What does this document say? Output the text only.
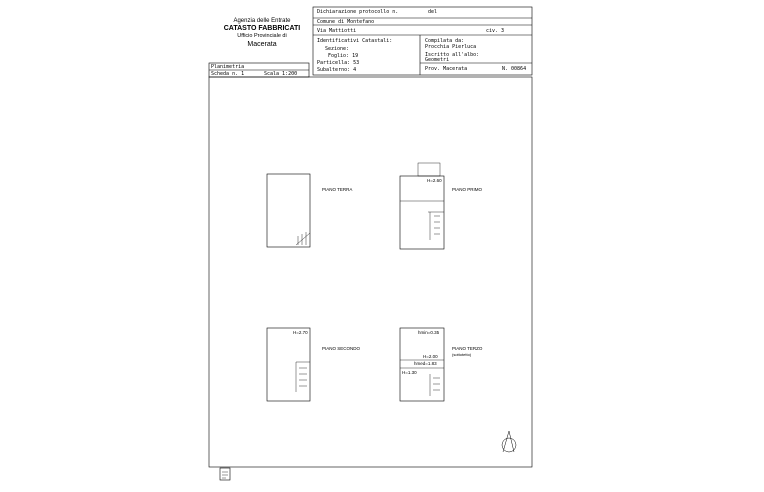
Agenzia delle Entrate
CATASTO FABBRICATI
Ufficio Provinciale di
Macerata
Dichiarazione protocollo n.	del
Comune di Montefano
Via Mattiotti	civ. 3
Identificativi Catastali:
Sezione:
Foglio: 19
Particella: 53
Subalterno: 4
Compilata da:
Procchia Pierluca
Iscritto all'albo:
Geometri
Prov. Macerata	N. 00864
Planimetria
Scheda n. 1	Scala 1:200
PIANO TERRA	PIANO PRIMO
PIANO SECONDO	PIANO TERZO
(sottotetto)
H=2.60
H=2.70	hmin=0.35
H=2.00
hmed=1.83
H=1.30
